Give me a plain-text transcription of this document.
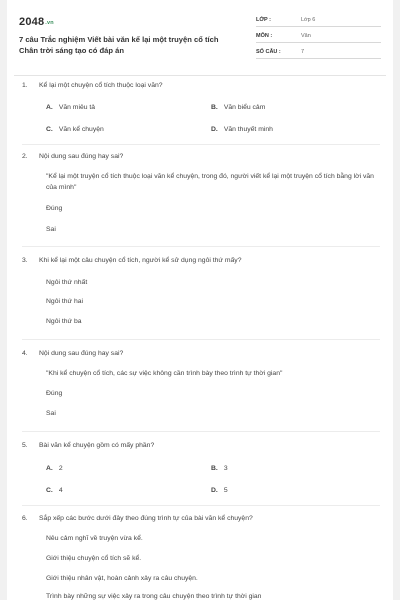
2048.vn
7 câu Trắc nghiệm Viết bài văn kể lại một truyện cổ tích Chân trời sáng tạo có đáp án
LỚP :	Lớp 6
MÔN :	Văn
SỐ CÂU :	7
1. Kể lại một chuyện cổ tích thuộc loại văn?
A. Văn miêu tả	B. Văn biểu cảm
C. Văn kể chuyện	D. Văn thuyết minh
2. Nội dung sau đúng hay sai?
"Kể lại một truyện cổ tích thuộc loại văn kể chuyện, trong đó, người viết kể lại một truyện cổ tích bằng lời văn của mình"
Đúng
Sai
3. Khi kể lại một câu chuyện cổ tích, người kể sử dụng ngôi thứ mấy?
Ngôi thứ nhất
Ngôi thứ hai
Ngôi thứ ba
4. Nội dung sau đúng hay sai?
"Khi kể chuyện cổ tích, các sự việc không cần trình bày theo trình tự thời gian"
Đúng
Sai
5. Bài văn kể chuyện gồm có mấy phần?
A. 2	B. 3
C. 4	D. 5
6. Sắp xếp các bước dưới đây theo đúng trình tự của bài văn kể chuyện?
Nêu cảm nghĩ về truyện vừa kể.
Giới thiệu chuyện cổ tích sẽ kể.
Giới thiệu nhân vật, hoàn cảnh xảy ra câu chuyện.
Trình bày những sự việc xảy ra trong câu chuyện theo trình tự thời gian
